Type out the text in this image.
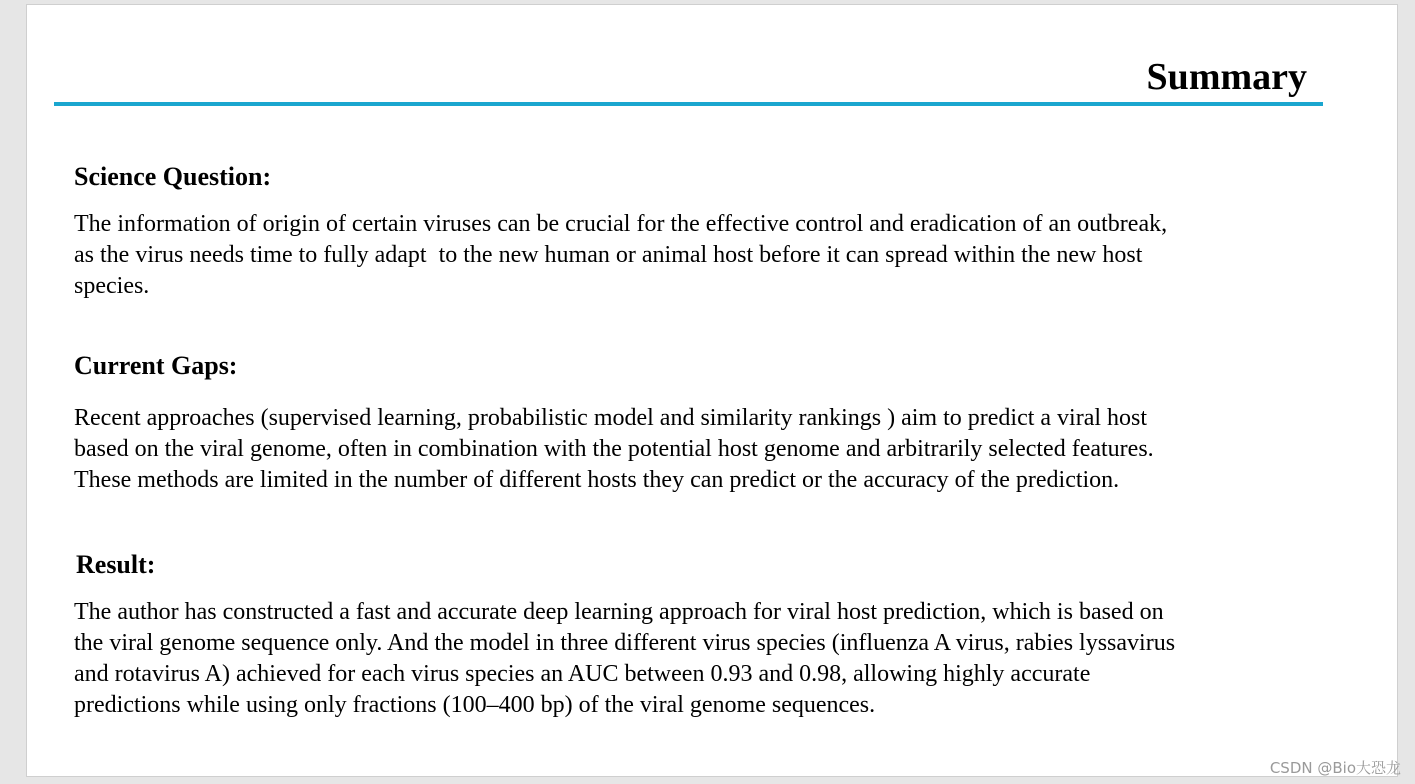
Summary
Science Question:

The information of origin of certain viruses can be crucial for the effective control and eradication of an outbreak,
as the virus needs time to fully adapt  to the new human or animal host before it can spread within the new host
species.

Current Gaps:

Recent approaches (supervised learning, probabilistic model and similarity rankings ) aim to predict a viral host
based on the viral genome, often in combination with the potential host genome and arbitrarily selected features.
These methods are limited in the number of different hosts they can predict or the accuracy of the prediction.

Result:

The author has constructed a fast and accurate deep learning approach for viral host prediction, which is based on
the viral genome sequence only. And the model in three different virus species (influenza A virus, rabies lyssavirus
and rotavirus A) achieved for each virus species an AUC between 0.93 and 0.98, allowing highly accurate
predictions while using only fractions (100–400 bp) of the viral genome sequences.

CSDN @Bio大恐龙
